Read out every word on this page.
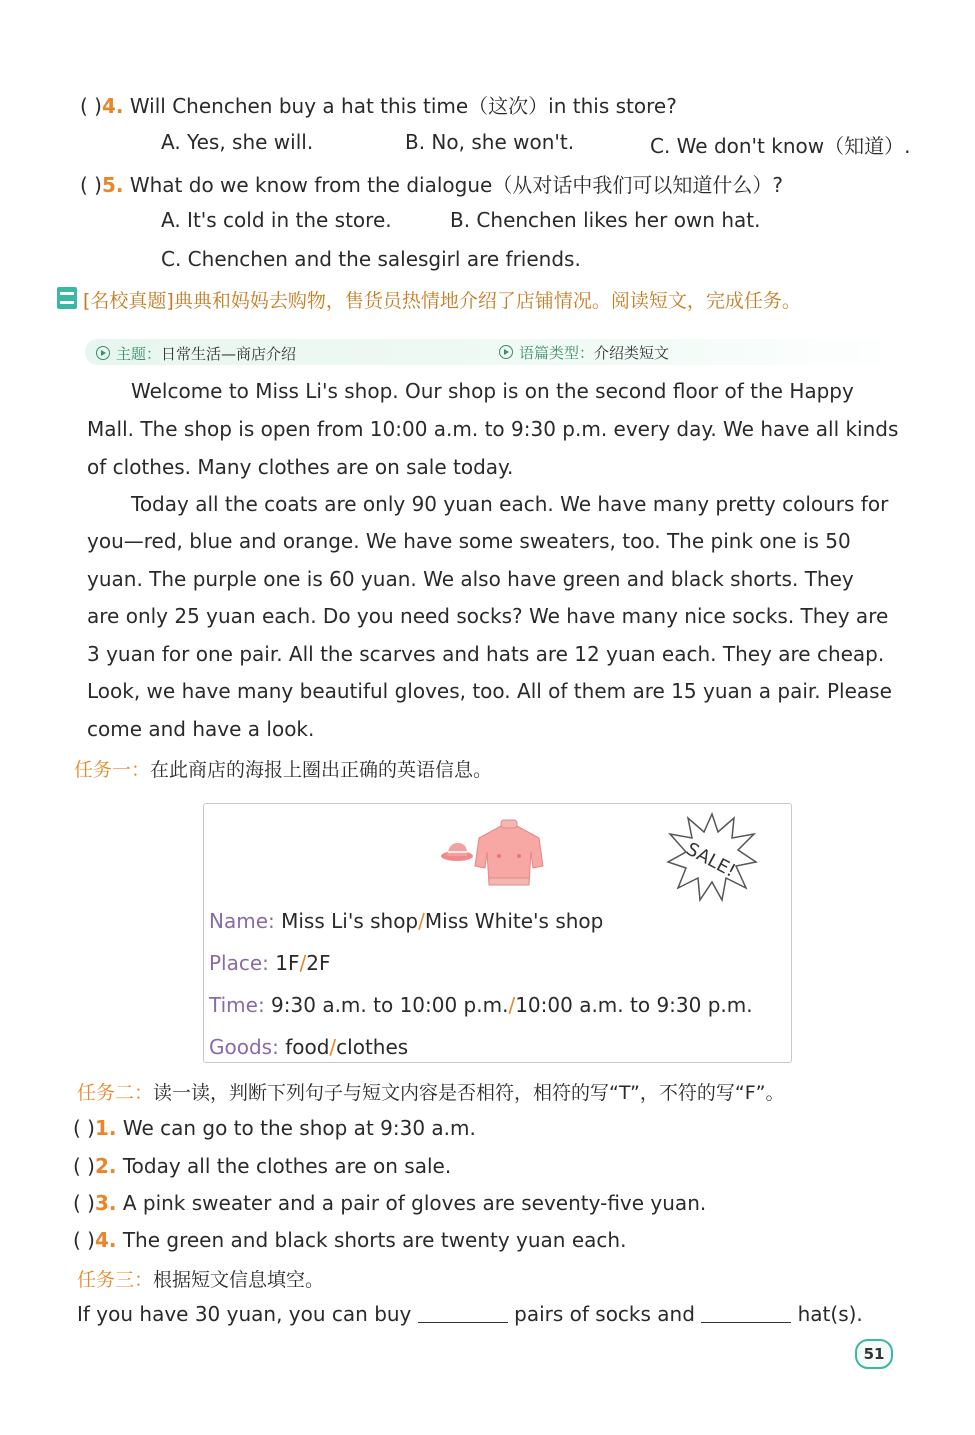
( )4. Will Chenchen buy a hat this time（这次）in this store?
A. Yes, she will.	B. No, she won't.	C. We don't know（知道）.
( )5. What do we know from the dialogue（从对话中我们可以知道什么）?
A. It's cold in the store.	B. Chenchen likes her own hat.
C. Chenchen and the salesgirl are friends.
[名校真题]典典和妈妈去购物，售货员热情地介绍了店铺情况。阅读短文，完成任务。
主题：日常生活—商店介绍	语篇类型：介绍类短文
Welcome to Miss Li's shop. Our shop is on the second floor of the Happy
Mall. The shop is open from 10:00 a.m. to 9:30 p.m. every day. We have all kinds
of clothes. Many clothes are on sale today.
Today all the coats are only 90 yuan each. We have many pretty colours for
you—red, blue and orange. We have some sweaters, too. The pink one is 50
yuan. The purple one is 60 yuan. We also have green and black shorts. They
are only 25 yuan each. Do you need socks? We have many nice socks. They are
3 yuan for one pair. All the scarves and hats are 12 yuan each. They are cheap.
Look, we have many beautiful gloves, too. All of them are 15 yuan a pair. Please
come and have a look.
任务一：在此商店的海报上圈出正确的英语信息。
SALE!
Name: Miss Li's shop/Miss White's shop
Place: 1F/2F
Time: 9:30 a.m. to 10:00 p.m./10:00 a.m. to 9:30 p.m.
Goods: food/clothes
任务二：读一读，判断下列句子与短文内容是否相符，相符的写“T”，不符的写“F”。
( )1. We can go to the shop at 9:30 a.m.
( )2. Today all the clothes are on sale.
( )3. A pink sweater and a pair of gloves are seventy-five yuan.
( )4. The green and black shorts are twenty yuan each.
任务三：根据短文信息填空。
If you have 30 yuan, you can buy	pairs of socks and	hat(s).
51
